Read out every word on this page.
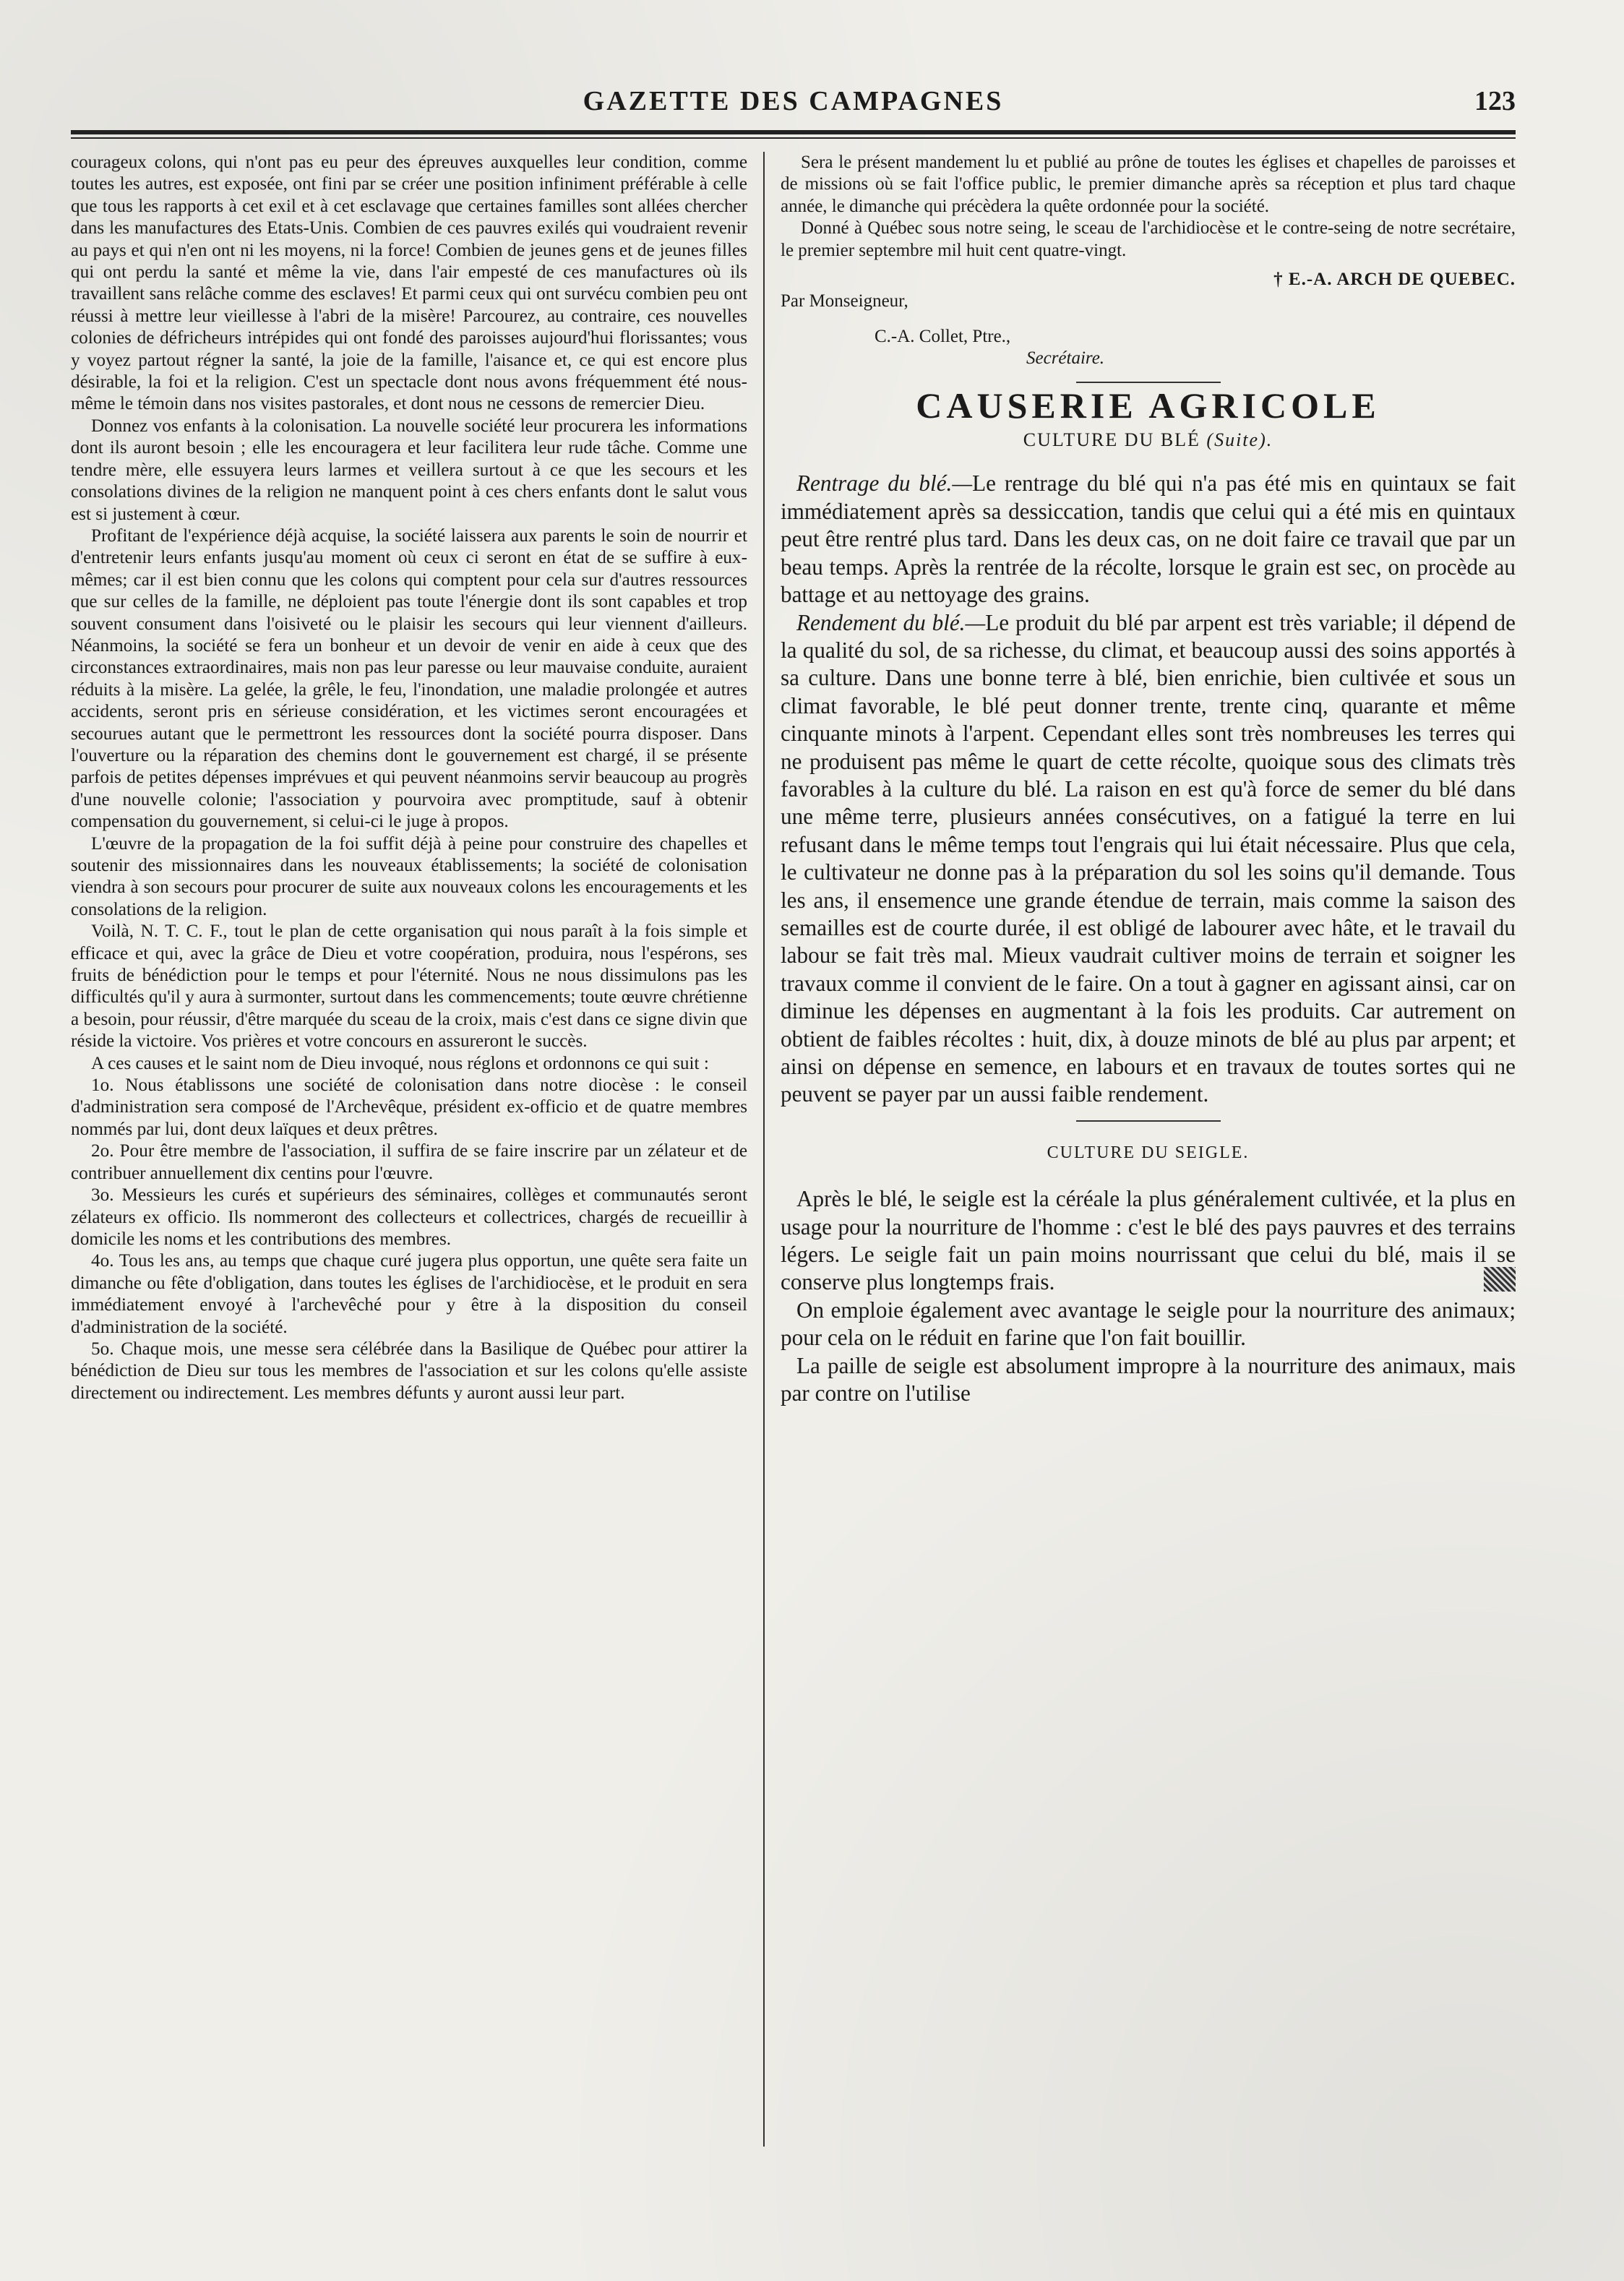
GAZETTE DES CAMPAGNES	123

courageux colons, qui n'ont pas eu peur des épreuves auxquelles leur condition, comme toutes les autres, est exposée, ont fini par se créer une position infiniment préférable à celle que tous les rapports à cet exil et à cet esclavage que certaines familles sont allées chercher dans les manufactures des Etats-Unis. Combien de ces pauvres exilés qui voudraient revenir au pays et qui n'en ont ni les moyens, ni la force! Combien de jeunes gens et de jeunes filles qui ont perdu la santé et même la vie, dans l'air empesté de ces manufactures où ils travaillent sans relâche comme des esclaves! Et parmi ceux qui ont survécu combien peu ont réussi à mettre leur vieillesse à l'abri de la misère! Parcourez, au contraire, ces nouvelles colonies de défricheurs intrépides qui ont fondé des paroisses aujourd'hui florissantes; vous y voyez partout régner la santé, la joie de la famille, l'aisance et, ce qui est encore plus désirable, la foi et la religion. C'est un spectacle dont nous avons fréquemment été nous-même le témoin dans nos visites pastorales, et dont nous ne cessons de remercier Dieu.

Donnez vos enfants à la colonisation. La nouvelle société leur procurera les informations dont ils auront besoin ; elle les encouragera et leur facilitera leur rude tâche. Comme une tendre mère, elle essuyera leurs larmes et veillera surtout à ce que les secours et les consolations divines de la religion ne manquent point à ces chers enfants dont le salut vous est si justement à cœur.

Profitant de l'expérience déjà acquise, la société laissera aux parents le soin de nourrir et d'entretenir leurs enfants jusqu'au moment où ceux ci seront en état de se suffire à eux-mêmes; car il est bien connu que les colons qui comptent pour cela sur d'autres ressources que sur celles de la famille, ne déploient pas toute l'énergie dont ils sont capables et trop souvent consument dans l'oisiveté ou le plaisir les secours qui leur viennent d'ailleurs. Néanmoins, la société se fera un bonheur et un devoir de venir en aide à ceux que des circonstances extraordinaires, mais non pas leur paresse ou leur mauvaise conduite, auraient réduits à la misère. La gelée, la grêle, le feu, l'inondation, une maladie prolongée et autres accidents, seront pris en sérieuse considération, et les victimes seront encouragées et secourues autant que le permettront les ressources dont la société pourra disposer. Dans l'ouverture ou la réparation des chemins dont le gouvernement est chargé, il se présente parfois de petites dépenses imprévues et qui peuvent néanmoins servir beaucoup au progrès d'une nouvelle colonie; l'association y pourvoira avec promptitude, sauf à obtenir compensation du gouvernement, si celui-ci le juge à propos.

L'œuvre de la propagation de la foi suffit déjà à peine pour construire des chapelles et soutenir des missionnaires dans les nouveaux établissements; la société de colonisation viendra à son secours pour procurer de suite aux nouveaux colons les encouragements et les consolations de la religion.

Voilà, N. T. C. F., tout le plan de cette organisation qui nous paraît à la fois simple et efficace et qui, avec la grâce de Dieu et votre coopération, produira, nous l'espérons, ses fruits de bénédiction pour le temps et pour l'éternité. Nous ne nous dissimulons pas les difficultés qu'il y aura à surmonter, surtout dans les commencements; toute œuvre chrétienne a besoin, pour réussir, d'être marquée du sceau de la croix, mais c'est dans ce signe divin que réside la victoire. Vos prières et votre concours en assureront le succès.

A ces causes et le saint nom de Dieu invoqué, nous réglons et ordonnons ce qui suit :

1o. Nous établissons une société de colonisation dans notre diocèse : le conseil d'administration sera composé de l'Archevêque, président ex-officio et de quatre membres nommés par lui, dont deux laïques et deux prêtres.

2o. Pour être membre de l'association, il suffira de se faire inscrire par un zélateur et de contribuer annuellement dix centins pour l'œuvre.

3o. Messieurs les curés et supérieurs des séminaires, collèges et communautés seront zélateurs ex officio. Ils nommeront des collecteurs et collectrices, chargés de recueillir à domicile les noms et les contributions des membres.

4o. Tous les ans, au temps que chaque curé jugera plus opportun, une quête sera faite un dimanche ou fête d'obligation, dans toutes les églises de l'archidiocèse, et le produit en sera immédiatement envoyé à l'archevêché pour y être à la disposition du conseil d'administration de la société.

5o. Chaque mois, une messe sera célébrée dans la Basilique de Québec pour attirer la bénédiction de Dieu sur tous les membres de l'association et sur les colons qu'elle assiste directement ou indirectement. Les membres défunts y auront aussi leur part.

Sera le présent mandement lu et publié au prône de toutes les églises et chapelles de paroisses et de missions où se fait l'office public, le premier dimanche après sa réception et plus tard chaque année, le dimanche qui précèdera la quête ordonnée pour la société.

Donné à Québec sous notre seing, le sceau de l'archidiocèse et le contre-seing de notre secrétaire, le premier septembre mil huit cent quatre-vingt.

† E.-A. ARCH DE QUEBEC.

Par Monseigneur,

C.-A. Collet, Ptre.,
Secrétaire.
CAUSERIE AGRICOLE
CULTURE DU BLÉ (Suite).

Rentrage du blé.—Le rentrage du blé qui n'a pas été mis en quintaux se fait immédiatement après sa dessiccation, tandis que celui qui a été mis en quintaux peut être rentré plus tard. Dans les deux cas, on ne doit faire ce travail que par un beau temps. Après la rentrée de la récolte, lorsque le grain est sec, on procède au battage et au nettoyage des grains.

Rendement du blé.—Le produit du blé par arpent est très variable; il dépend de la qualité du sol, de sa richesse, du climat, et beaucoup aussi des soins apportés à sa culture. Dans une bonne terre à blé, bien enrichie, bien cultivée et sous un climat favorable, le blé peut donner trente, trente cinq, quarante et même cinquante minots à l'arpent. Cependant elles sont très nombreuses les terres qui ne produisent pas même le quart de cette récolte, quoique sous des climats très favorables à la culture du blé. La raison en est qu'à force de semer du blé dans une même terre, plusieurs années consécutives, on a fatigué la terre en lui refusant dans le même temps tout l'engrais qui lui était nécessaire. Plus que cela, le cultivateur ne donne pas à la préparation du sol les soins qu'il demande. Tous les ans, il ensemence une grande étendue de terrain, mais comme la saison des semailles est de courte durée, il est obligé de labourer avec hâte, et le travail du labour se fait très mal. Mieux vaudrait cultiver moins de terrain et soigner les travaux comme il convient de le faire. On a tout à gagner en agissant ainsi, car on diminue les dépenses en augmentant à la fois les produits. Car autrement on obtient de faibles récoltes : huit, dix, à douze minots de blé au plus par arpent; et ainsi on dépense en semence, en labours et en travaux de toutes sortes qui ne peuvent se payer par un aussi faible rendement.

CULTURE DU SEIGLE.

Après le blé, le seigle est la céréale la plus généralement cultivée, et la plus en usage pour la nourriture de l'homme : c'est le blé des pays pauvres et des terrains légers. Le seigle fait un pain moins nourrissant que celui du blé, mais il se conserve plus longtemps frais.

On emploie également avec avantage le seigle pour la nourriture des animaux; pour cela on le réduit en farine que l'on fait bouillir.

La paille de seigle est absolument impropre à la nourriture des animaux, mais par contre on l'utilise
